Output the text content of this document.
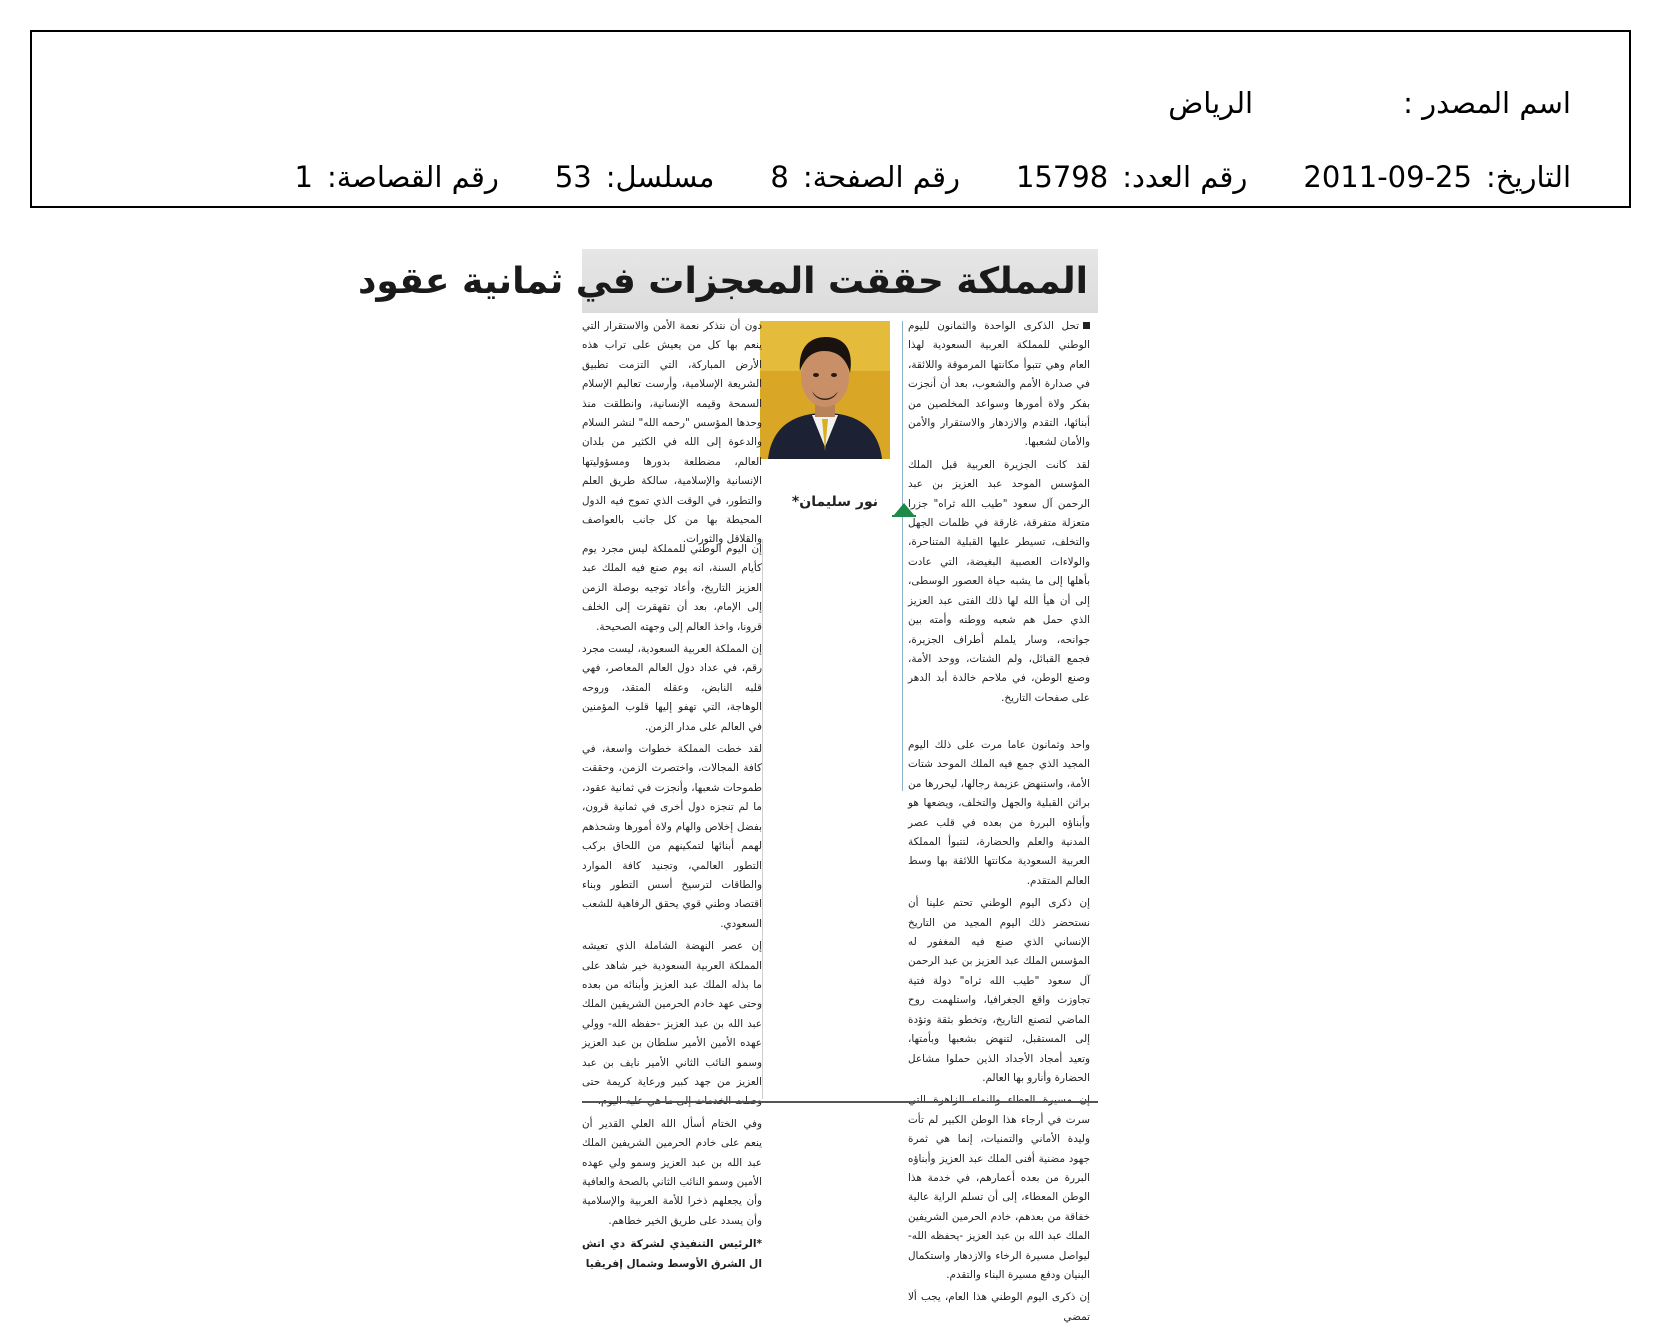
اسم المصدر :
الرياض
التاريخ:
2011-09-25
رقم العدد:
15798
رقم الصفحة:
8
مسلسل:
53
رقم القصاصة:
1
المملكة حققت المعجزات في ثمانية عقود

تحل الذكرى الواحدة والثمانون لليوم الوطني للمملكة العربية السعودية لهذا العام وهي تتبوأ مكانتها المرموقة واللائقة، في صدارة الأمم والشعوب، بعد أن أنجزت بفكر ولاة أمورها وسواعد المخلصين من أبنائها، التقدم والازدهار والاستقرار والأمن والأمان لشعبها.

لقد كانت الجزيرة العربية قبل الملك المؤسس الموحد عبد العزيز بن عبد الرحمن آل سعود "طيب الله ثراه" جزرا متعزلة متفرقة، غارقة في ظلمات الجهل والتخلف، تسيطر عليها القبلية المتناحرة، والولاءات العصبية البغيضة، التي عادت بأهلها إلى ما يشبه حياة العصور الوسطى، إلى أن هيأ الله لها ذلك الفتى عبد العزيز الذي حمل هم شعبه ووطنه وأمته بين جوانحه، وسار يلملم أطراف الجزيرة، فجمع القبائل، ولم الشتات، ووحد الأمة، وصنع الوطن، في ملاحم خالدة أبد الدهر على صفحات التاريخ.

واحد وثمانون عاما مرت على ذلك اليوم المجيد الذي جمع فيه الملك الموحد شتات الأمة، واستنهض عزيمة رجالها، ليحررها من براثن القبلية والجهل والتخلف، ويضعها هو وأبناؤه البررة من بعده في قلب عصر المدنية والعلم والحضارة، لتتبوأ المملكة العربية السعودية مكانتها اللائقة بها وسط العالم المتقدم.

إن ذكرى اليوم الوطني تحتم علينا أن نستحضر ذلك اليوم المجيد من التاريخ الإنساني الذي صنع فيه المغفور له المؤسس الملك عبد العزيز بن عبد الرحمن آل سعود "طيب الله ثراه" دولة فتية تجاوزت واقع الجغرافيا، واستلهمت روح الماضي لتصنع التاريخ، وتخطو بثقة وتؤدة إلى المستقبل، لتنهض بشعبها وبأمتها، وتعيد أمجاد الأجداد الذين حملوا مشاعل الحضارة وأنارو بها العالم.

سرت في أرجاء هذا الوطن الكبير لم تأت وليدة الأماني والتمنيات، إنما هي ثمرة جهود مضنية أفنى الملك عبد العزيز وأبناؤه البررة من بعده أعمارهم، في خدمة هذا الوطن المعطاء، إلى أن تسلم الراية عالية خفاقة من بعدهم، خادم الحرمين الشريفين الملك عبد الله بن عبد العزيز -يحفظه الله- ليواصل مسيرة الرخاء والازدهار واستكمال البنيان ودفع مسيرة البناء والتقدم.

إن ذكرى اليوم الوطني هذا العام، يجب ألا تمضي

نور سليمان*

دون أن نتذكر نعمة الأمن والاستقرار التي ينعم بها كل من يعيش على تراب هذه الأرض المباركة، التي التزمت تطبيق الشريعة الإسلامية، وأرست تعاليم الإسلام السمحة وقيمه الإنسانية، وانطلقت منذ وحدها المؤسس "رحمه الله" لنشر السلام والدعوة إلى الله في الكثير من بلدان العالم، مضطلعة بدورها ومسؤوليتها الإنسانية والإسلامية، سالكة طريق العلم والتطور، في الوقت الذي تموج فيه الدول المحيطة بها من كل جانب بالعواصف والقلاقل والثورات.

إن اليوم الوطني للمملكة ليس مجرد يوم كأيام السنة، انه يوم صنع فيه الملك عبد العزيز التاريخ، وأعاد توجيه بوصلة الزمن إلى الإمام، بعد أن تقهقرت إلى الخلف قرونا، واخذ العالم إلى وجهته الصحيحة.

إن المملكة العربية السعودية، ليست مجرد رقم، في عداد دول العالم المعاصر، فهي قلبه النابض، وعقله المتقد، وروحه الوهاجة، التي تهفو إليها قلوب المؤمنين في العالم على مدار الزمن.

لقد خطت المملكة خطوات واسعة، في كافة المجالات، واختصرت الزمن، وحققت طموحات شعبها، وأنجزت في ثمانية عقود، ما لم تنجزه دول أخرى في ثمانية قرون، بفضل إخلاص والهام ولاة أمورها وشحذهم لهمم أبنائها لتمكينهم من اللحاق بركب التطور العالمي، وتجنيد كافة الموارد والطاقات لترسيخ أسس التطور وبناء اقتصاد وطني قوي يحقق الرفاهية للشعب السعودي.

إن عصر النهضة الشاملة الذي تعيشه المملكة العربية السعودية خير شاهد على ما بذله الملك عبد العزيز وأبنائه من بعده وحتى عهد خادم الحرمين الشريفين الملك عبد الله بن عبد العزيز -حفظه الله- وولي عهده الأمين الأمير سلطان بن عبد العزيز وسمو النائب الثاني الأمير نايف بن عبد العزيز من جهد كبير ورعاية كريمة حتى

وفي الختام أسأل الله العلي القدير أن ينعم على خادم الحرمين الشريفين الملك عبد الله بن عبد العزيز وسمو ولي عهده الأمين وسمو النائب الثاني بالصحة والعافية وأن يجعلهم ذخرا للأمة العربية والإسلامية وأن يسدد على طريق الخير خطاهم.

*الرئيس التنفيذي لشركة دي اتش ال الشرق الأوسط وشمال إفريقيا
